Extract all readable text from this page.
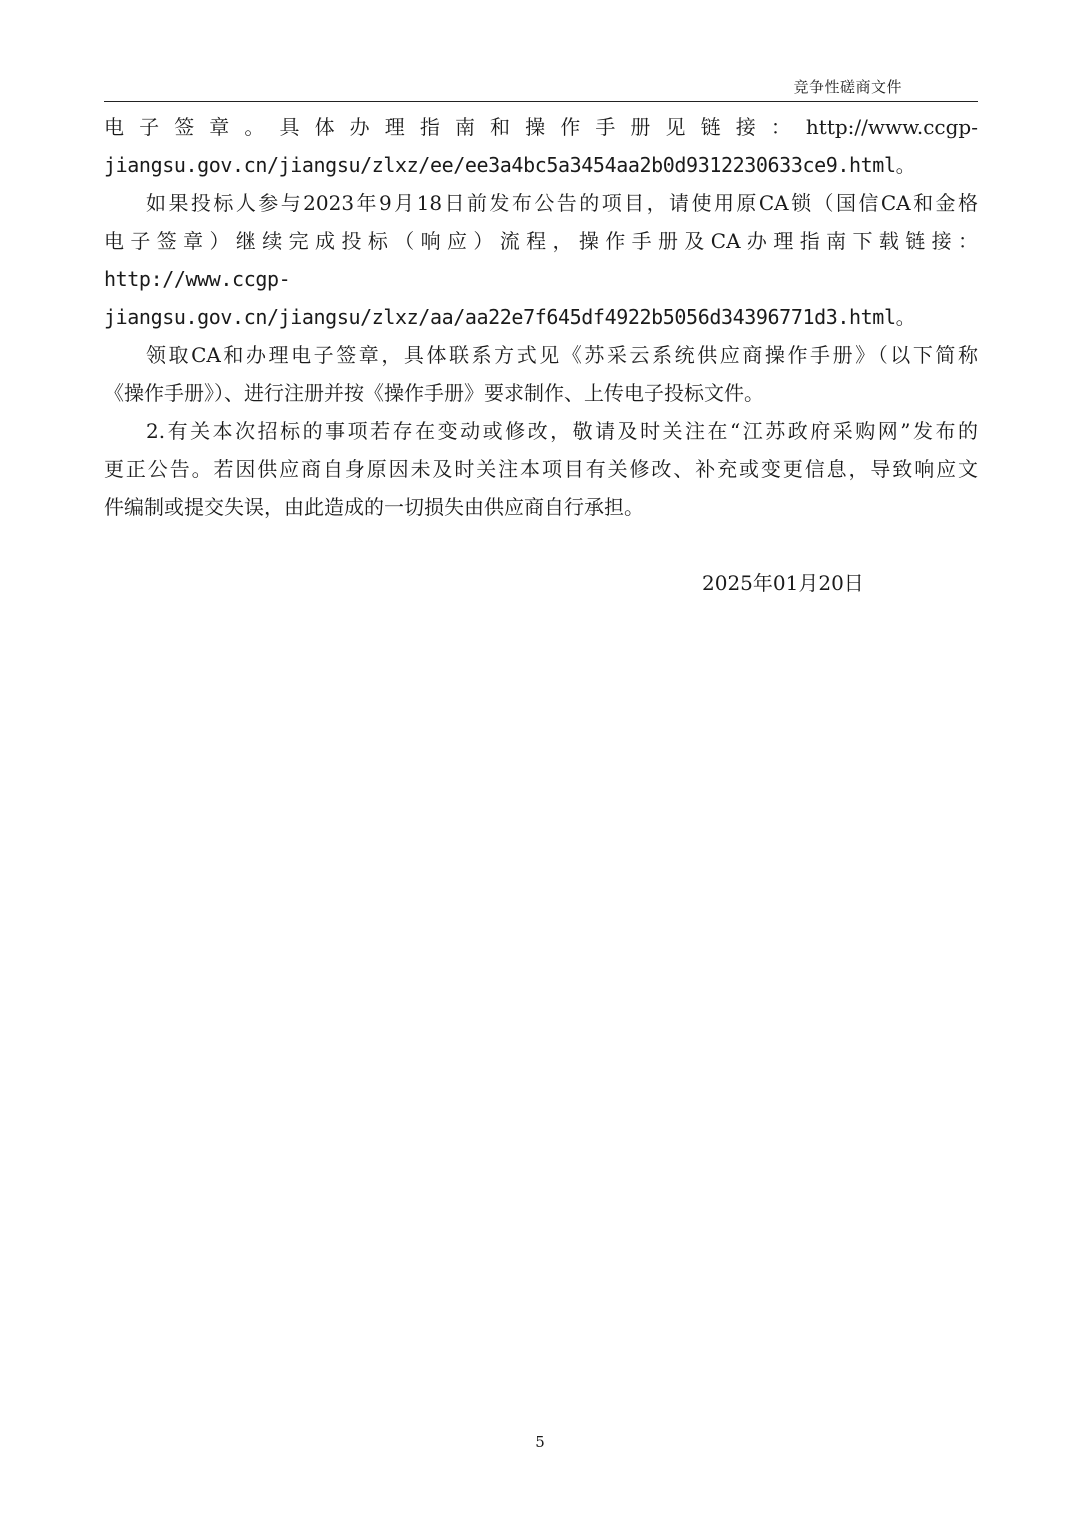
竞争性磋商文件
电 子 签 章 。 具 体 办 理 指 南 和 操 作 手 册 见 链 接 ： http://www.ccgp-
jiangsu.gov.cn/jiangsu/zlxz/ee/ee3a4bc5a3454aa2b0d9312230633ce9.html。
如果投标人参与2023年9月18日前发布公告的项目，请使用原CA锁（国信CA和金格
电子签章）继续完成投标（响应）流程，操作手册及CA办理指南下载链接：
http://www.ccgp-
jiangsu.gov.cn/jiangsu/zlxz/aa/aa22e7f645df4922b5056d34396771d3.html。
领取CA和办理电子签章，具体联系方式见《苏采云系统供应商操作手册》（以下简称
《操作手册》）、进行注册并按《操作手册》要求制作、上传电子投标文件。
2.有关本次招标的事项若存在变动或修改，敬请及时关注在“江苏政府采购网”发布的
更正公告。若因供应商自身原因未及时关注本项目有关修改、补充或变更信息，导致响应文
件编制或提交失误，由此造成的一切损失由供应商自行承担。
2025年01月20日
5
